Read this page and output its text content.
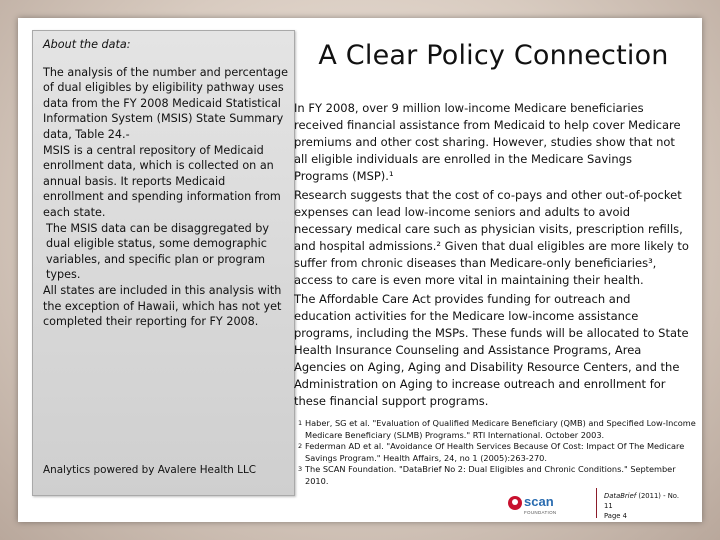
About the data:

The analysis of the number and percentage of dual eligibles by eligibility pathway uses data from the FY 2008 Medicaid Statistical Information System (MSIS) State Summary data, Table 24.-

MSIS is a central repository of Medicaid enrollment data, which is collected on an annual basis. It reports Medicaid enrollment and spending information from each state.

The MSIS data can be disaggregated by dual eligible status, some demographic variables, and specific plan or program types.

All states are included in this analysis with the exception of Hawaii, which has not yet completed their reporting for FY 2008.

Analytics powered by Avalere Health LLC
A Clear Policy Connection

In FY 2008, over 9 million low-income Medicare beneficiaries received financial assistance from Medicaid to help cover Medicare premiums and other cost sharing. However, studies show that not all eligible individuals are enrolled in the Medicare Savings Programs (MSP).¹

Research suggests that the cost of co-pays and other out-of-pocket expenses can lead low-income seniors and adults to avoid necessary medical care such as physician visits, prescription refills, and hospital admissions.² Given that dual eligibles are more likely to suffer from chronic diseases than Medicare-only beneficiaries³, access to care is even more vital in maintaining their health.

The Affordable Care Act provides funding for outreach and education activities for the Medicare low-income assistance programs, including the MSPs. These funds will be allocated to State Health Insurance Counseling and Assistance Programs, Area Agencies on Aging, Aging and Disability Resource Centers, and the Administration on Aging to increase outreach and enrollment for these financial support programs.

1 Haber, SG et al. "Evaluation of Qualified Medicare Beneficiary (QMB) and Specified Low-Income Medicare Beneficiary (SLMB) Programs." RTI International. October 2003.
2 Federman AD et al. "Avoidance Of Health Services Because Of Cost: Impact Of The Medicare Savings Program." Health Affairs, 24, no 1 (2005):263-270.
3 The SCAN Foundation. "DataBrief No 2: Dual Eligibles and Chronic Conditions." September 2010.
scan
FOUNDATION
DataBrief (2011) - No. 11
Page 4
